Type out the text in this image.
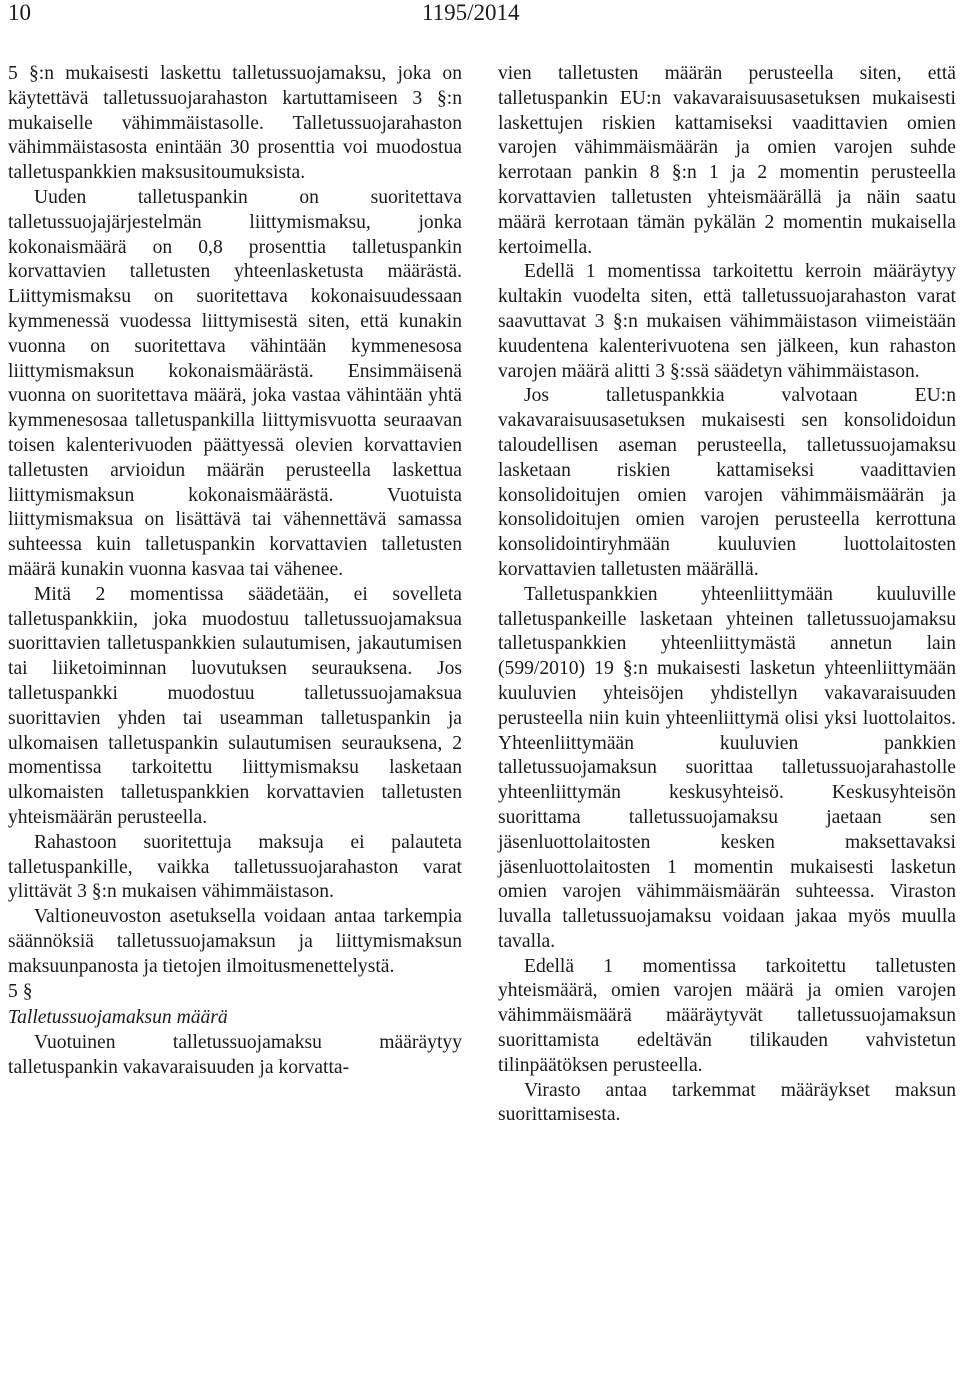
10	1195/2014

5 §:n mukaisesti laskettu talletussuojamaksu, joka on käytettävä talletussuojarahaston kartuttamiseen 3 §:n mukaiselle vähimmäistasolle. Talletussuojarahaston vähimmäistasosta enintään 30 prosenttia voi muodostua talletuspankkien maksusitoumuksista.

Uuden talletuspankin on suoritettava talletussuojajärjestelmän liittymismaksu, jonka kokonaismäärä on 0,8 prosenttia talletuspankin korvattavien talletusten yhteenlasketusta määrästä. Liittymismaksu on suoritettava kokonaisuudessaan kymmenessä vuodessa liittymisestä siten, että kunakin vuonna on suoritettava vähintään kymmenesosa liittymismaksun kokonaismäärästä. Ensimmäisenä vuonna on suoritettava määrä, joka vastaa vähintään yhtä kymmenesosaa talletuspankilla liittymisvuotta seuraavan toisen kalenterivuoden päättyessä olevien korvattavien talletusten arvioidun määrän perusteella laskettua liittymismaksun kokonaismäärästä. Vuotuista liittymismaksua on lisättävä tai vähennettävä samassa suhteessa kuin talletuspankin korvattavien talletusten määrä kunakin vuonna kasvaa tai vähenee.

Mitä 2 momentissa säädetään, ei sovelleta talletuspankkiin, joka muodostuu talletussuojamaksua suorittavien talletuspankkien sulautumisen, jakautumisen tai liiketoiminnan luovutuksen seurauksena. Jos talletuspankki muodostuu talletussuojamaksua suorittavien yhden tai useamman talletuspankin ja ulkomaisen talletuspankin sulautumisen seurauksena, 2 momentissa tarkoitettu liittymismaksu lasketaan ulkomaisten talletuspankkien korvattavien talletusten yhteismäärän perusteella.

Rahastoon suoritettuja maksuja ei palauteta talletuspankille, vaikka talletussuojarahaston varat ylittävät 3 §:n mukaisen vähimmäistason.

Valtioneuvoston asetuksella voidaan antaa tarkempia säännöksiä talletussuojamaksun ja liittymismaksun maksuunpanosta ja tietojen ilmoitusmenettelystä.

5 §

Talletussuojamaksun määrä

Vuotuinen talletussuojamaksu määräytyy talletuspankin vakavaraisuuden ja korvatta-

vien talletusten määrän perusteella siten, että talletuspankin EU:n vakavaraisuusasetuksen mukaisesti laskettujen riskien kattamiseksi vaadittavien omien varojen vähimmäismäärän ja omien varojen suhde kerrotaan pankin 8 §:n 1 ja 2 momentin perusteella korvattavien talletusten yhteismäärällä ja näin saatu määrä kerrotaan tämän pykälän 2 momentin mukaisella kertoimella.

Edellä 1 momentissa tarkoitettu kerroin määräytyy kultakin vuodelta siten, että talletussuojarahaston varat saavuttavat 3 §:n mukaisen vähimmäistason viimeistään kuudentena kalenterivuotena sen jälkeen, kun rahaston varojen määrä alitti 3 §:ssä säädetyn vähimmäistason.

Jos talletuspankkia valvotaan EU:n vakavaraisuusasetuksen mukaisesti sen konsolidoidun taloudellisen aseman perusteella, talletussuojamaksu lasketaan riskien kattamiseksi vaadittavien konsolidoitujen omien varojen vähimmäismäärän ja konsolidoitujen omien varojen perusteella kerrottuna konsolidointiryhmään kuuluvien luottolaitosten korvattavien talletusten määrällä.

Talletuspankkien yhteenliittymään kuuluville talletuspankeille lasketaan yhteinen talletussuojamaksu talletuspankkien yhteenliittymästä annetun lain (599/2010) 19 §:n mukaisesti lasketun yhteenliittymään kuuluvien yhteisöjen yhdistellyn vakavaraisuuden perusteella niin kuin yhteenliittymä olisi yksi luottolaitos. Yhteenliittymään kuuluvien pankkien talletussuojamaksun suorittaa talletussuojarahastolle yhteenliittymän keskusyhteisö. Keskusyhteisön suorittama talletussuojamaksu jaetaan sen jäsenluottolaitosten kesken maksettavaksi jäsenluottolaitosten 1 momentin mukaisesti lasketun omien varojen vähimmäismäärän suhteessa. Viraston luvalla talletussuojamaksu voidaan jakaa myös muulla tavalla.

Edellä 1 momentissa tarkoitettu talletusten yhteismäärä, omien varojen määrä ja omien varojen vähimmäismäärä määräytyvät talletussuojamaksun suorittamista edeltävän tilikauden vahvistetun tilinpäätöksen perusteella.

Virasto antaa tarkemmat määräykset maksun suorittamisesta.
